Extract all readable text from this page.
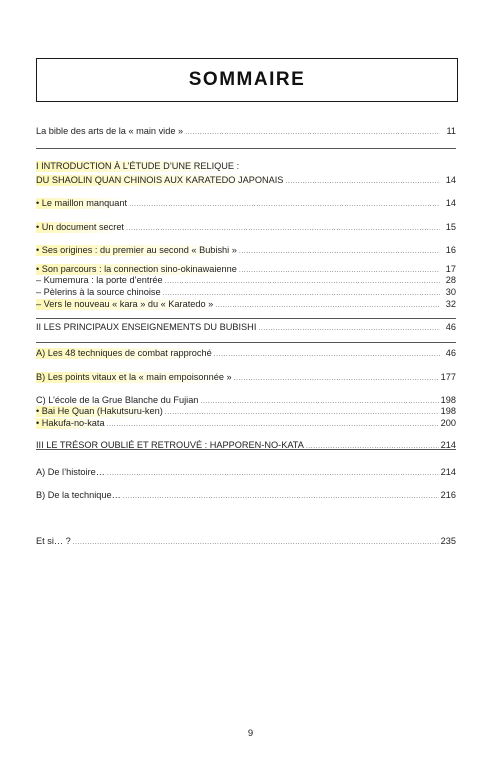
SOMMAIRE
La bible des arts de la « main vide » .....	11
I INTRODUCTION À L’ÉTUDE D’UNE RELIQUE :
DU SHAOLIN QUAN CHINOIS AUX KARATEDO JAPONAIS .....	14
• Le maillon manquant .....	14
• Un document secret .....	15
• Ses origines : du premier au second « Bubishi » .....	16
• Son parcours : la connection sino-okinawaienne .....	17
– Kumemura : la porte d’entrée .....	28
– Pèlerins à la source chinoise .....	30
– Vers le nouveau « kara » du « Karatedo » .....	32
II LES PRINCIPAUX ENSEIGNEMENTS DU BUBISHI .....	46
A) Les 48 techniques de combat rapproché .....	46
B) Les points vitaux et la « main empoisonnée » .....	177
C) L’école de la Grue Blanche du Fujian .....	198
• Bai He Quan (Hakutsuru-ken) .....	198
• Hakufa-no-kata .....	200
III LE TRÉSOR OUBLIÉ ET RETROUVÉ : HAPPOREN-NO-KATA .....	214
A) De l’histoire… .....	214
B) De la technique… .....	216
Et si… ? .....	235
9
